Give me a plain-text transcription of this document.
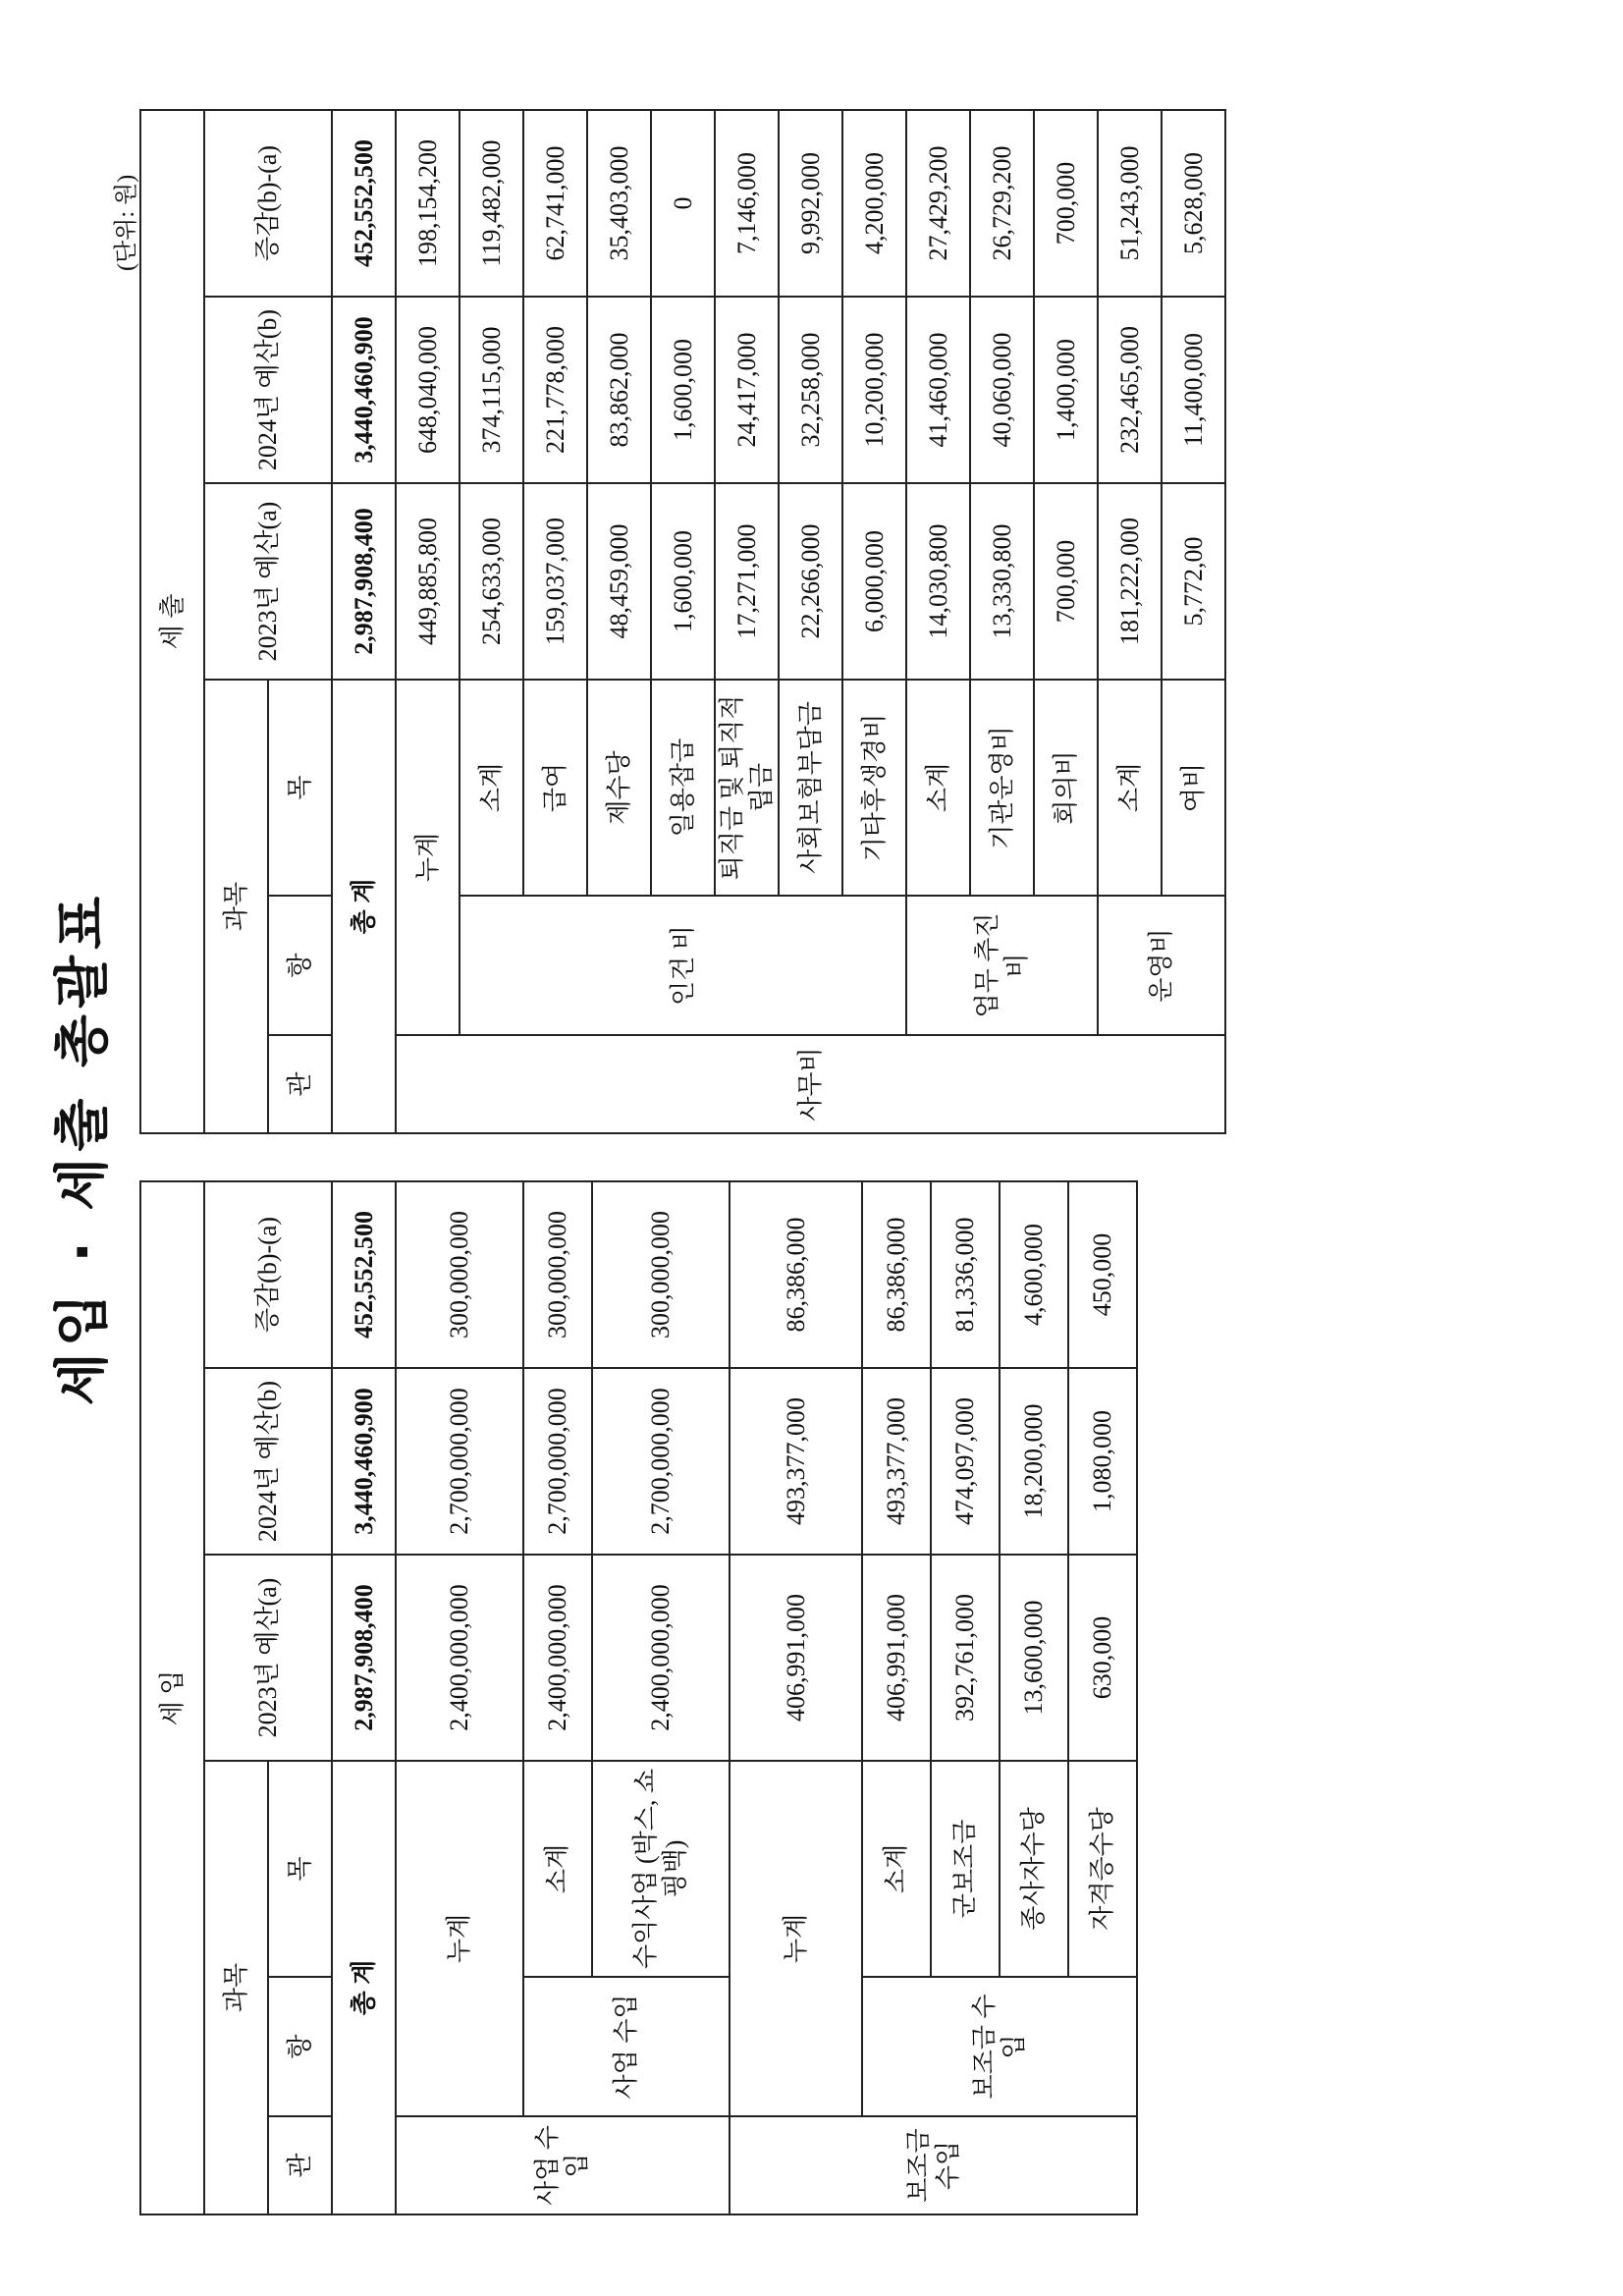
세입 · 세출 총괄표
(단위: 원)
세 입					
과목			2023년 예산(a)	2024년 예산(b)	증감(b)-(a)
관	항	목			
총 계			2,987,908,400	3,440,460,900	452,552,500
사업 수입	누계		2,400,000,000	2,700,000,000	300,000,000
	사업 수입	소계	2,400,000,000	2,700,000,000	300,000,000
		수익사업 (박스, 쇼핑백)	2,400,000,000	2,700,000,000	300,000,000

보조금 수입	누계		406,991,000	493,377,000	86,386,000
	보조금 수입	소계	406,991,000	493,377,000	86,386,000
		군보조금	392,761,000	474,097,000	81,336,000
		종사자수당	13,600,000	18,200,000	4,600,000
		자격증수당	630,000	1,080,000	450,000
세 출					
과목			2023년 예산(a)	2024년 예산(b)	증감(b)-(a)
관	항	목			
총 계			2,987,908,400	3,440,460,900	452,552,500
사무비	누계		449,885,800	648,040,000	198,154,200
	인건 비	소계	254,633,000	374,115,000	119,482,000
		급여	159,037,000	221,778,000	62,741,000
		제수당	48,459,000	83,862,000	35,403,000
		일용잡급	1,600,000	1,600,000	0
		퇴직금 및 퇴직적립금	17,271,000	24,417,000	7,146,000
		사회보험부담금	22,266,000	32,258,000	9,992,000
		기타후생경비	6,000,000	10,200,000	4,200,000
	업무 추진비	소계	14,030,800	41,460,000	27,429,200
		기관운영비	13,330,800	40,060,000	26,729,200
		회의비	700,000	1,400,000	700,000
	운영비	소계	181,222,000	232,465,000	51,243,000
		여비	5,772,00	11,400,000	5,628,000
